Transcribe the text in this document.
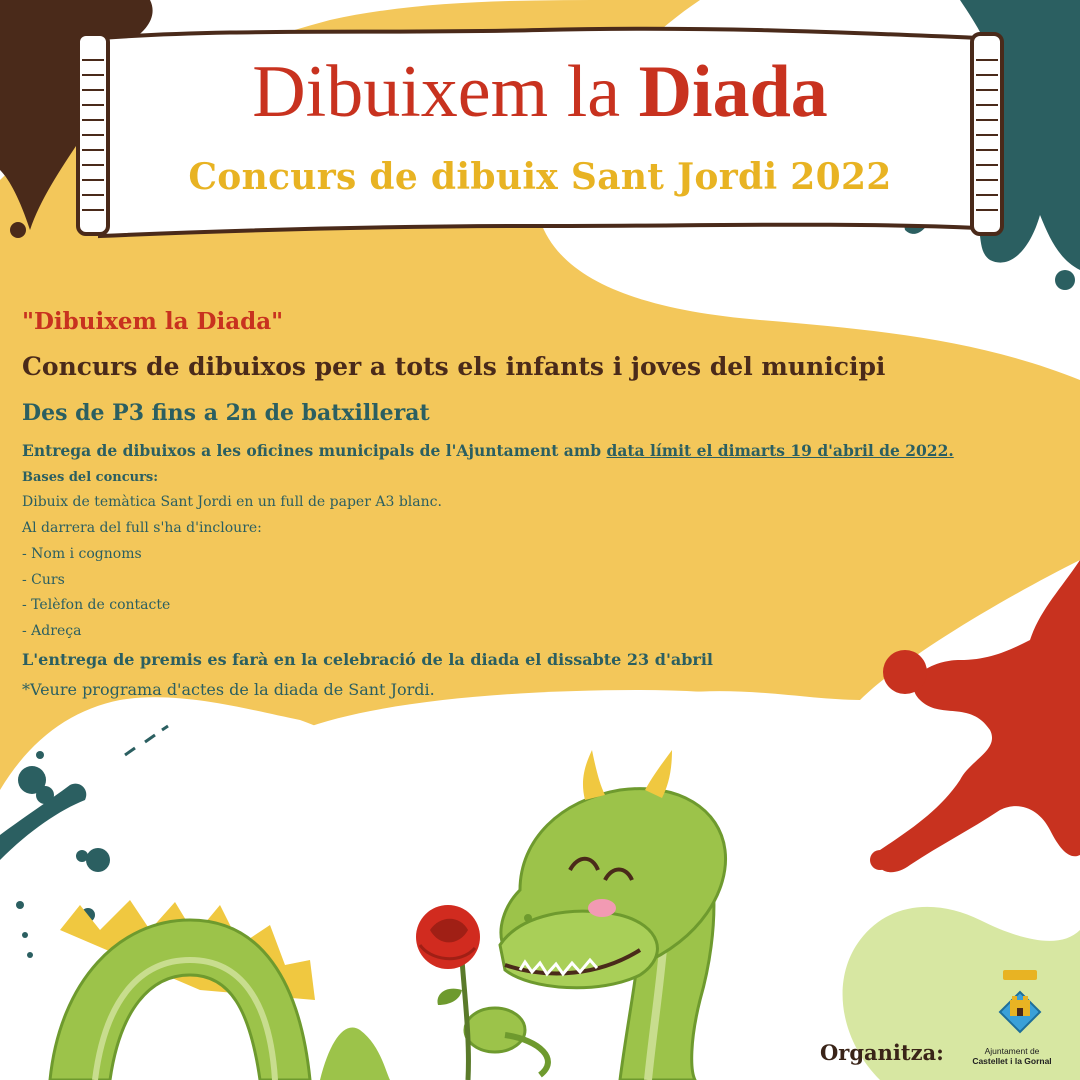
Dibuixem la Diada
Concurs de dibuix Sant Jordi 2022
"Dibuixem la Diada"
Concurs de dibuixos per a tots els infants i joves del municipi
Des de P3 fins a 2n de batxillerat
Entrega de dibuixos a les oficines municipals de l'Ajuntament amb data límit el dimarts 19 d'abril de 2022.
Bases del concurs:
Dibuix de temàtica Sant Jordi en un full de paper A3 blanc.
Al darrera del full s'ha d'incloure:
- Nom i cognoms
- Curs
- Telèfon de contacte
- Adreça
L'entrega de premis es farà en la celebració de la diada el dissabte 23 d'abril
*Veure programa d'actes de la diada de Sant Jordi.
Organitza:	Ajuntament de
Castellet i la Gornal
